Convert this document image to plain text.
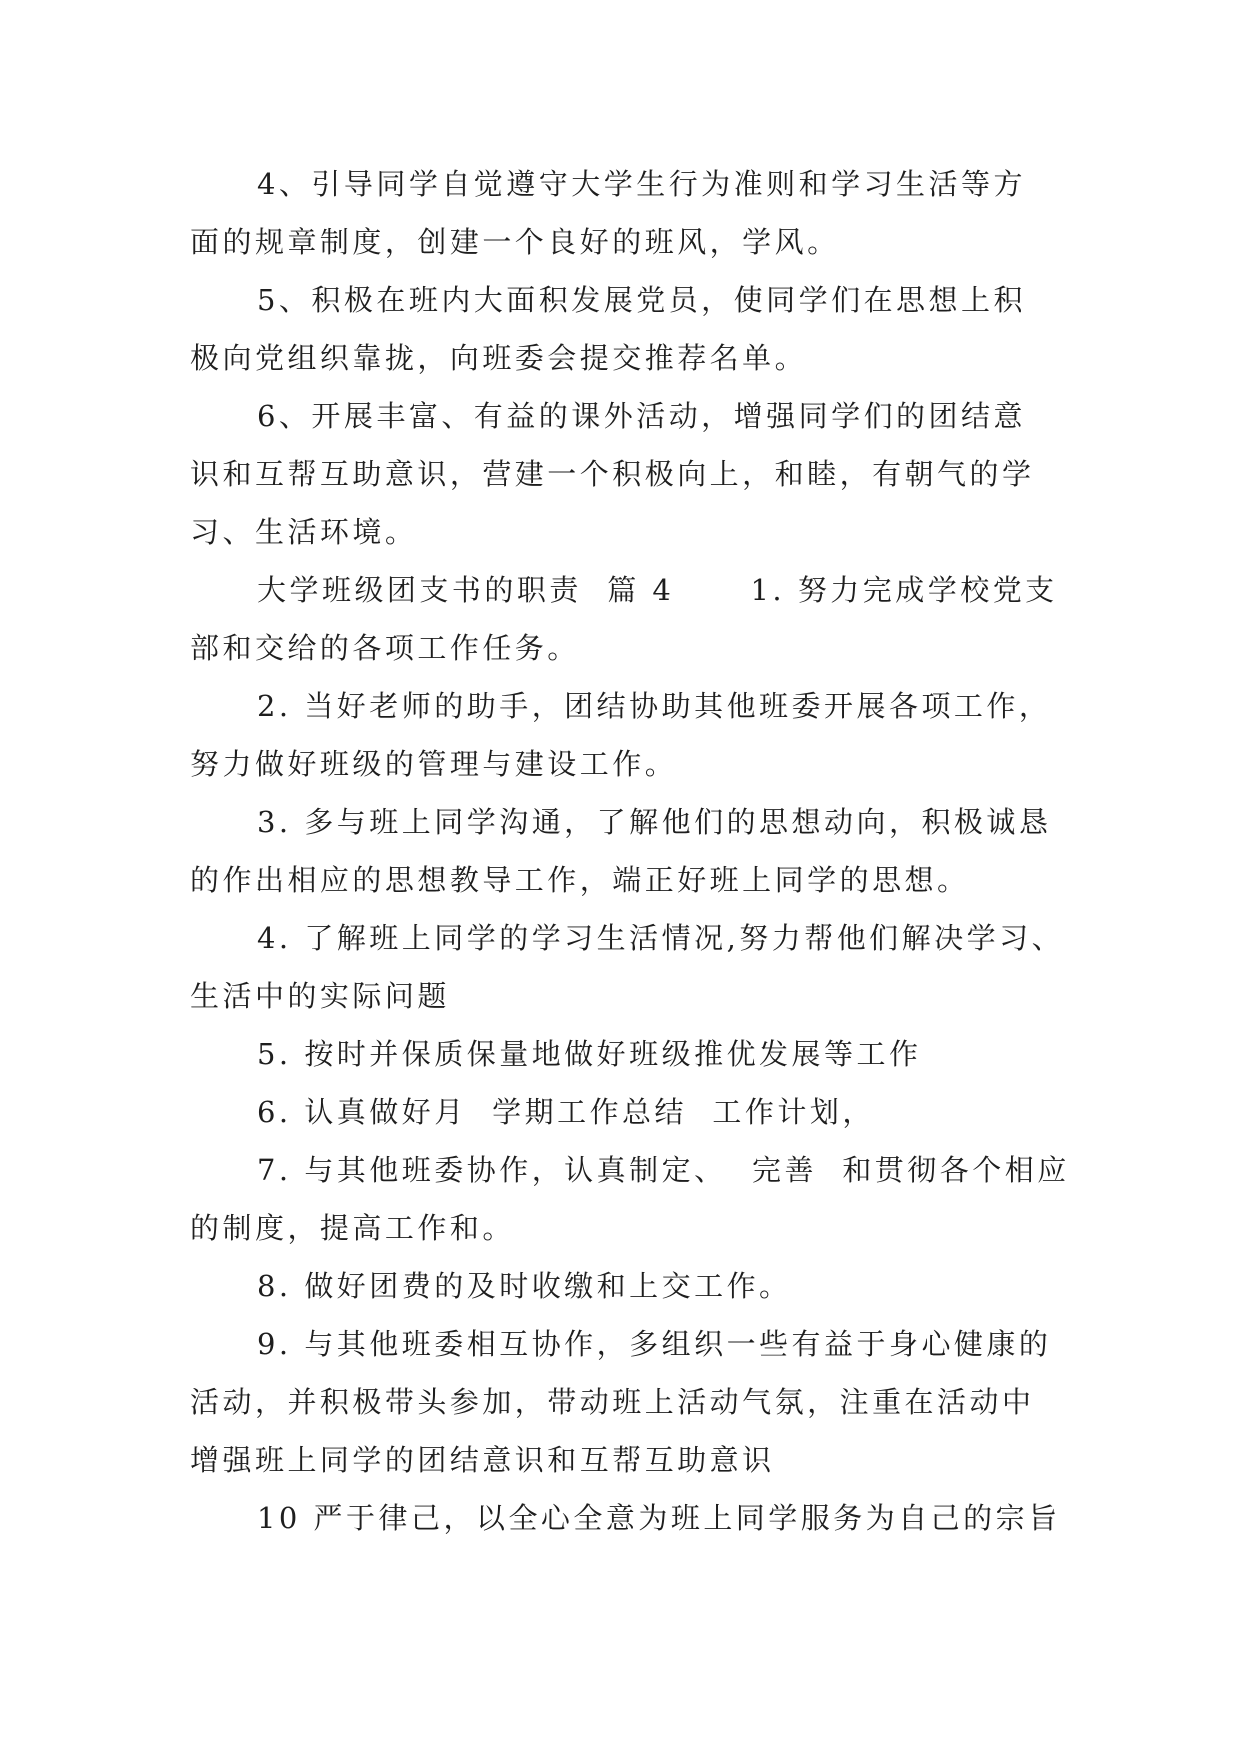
4、引导同学自觉遵守大学生行为准则和学习生活等方
面的规章制度，创建一个良好的班风，学风。
5、积极在班内大面积发展党员，使同学们在思想上积
极向党组织靠拢，向班委会提交推荐名单。
6、开展丰富、有益的课外活动，增强同学们的团结意
识和互帮互助意识，营建一个积极向上，和睦，有朝气的学
习、生活环境。
大学班级团支书的职责  篇 4      1. 努力完成学校党支
部和交给的各项工作任务。
2. 当好老师的助手，团结协助其他班委开展各项工作，
努力做好班级的管理与建设工作。
3. 多与班上同学沟通，了解他们的思想动向，积极诚恳
的作出相应的思想教导工作，端正好班上同学的思想。
4. 了解班上同学的学习生活情况,努力帮他们解决学习、
生活中的实际问题
5. 按时并保质保量地做好班级推优发展等工作
6. 认真做好月  学期工作总结  工作计划，
7. 与其他班委协作，认真制定、  完善  和贯彻各个相应
的制度，提高工作和。
8. 做好团费的及时收缴和上交工作。
9. 与其他班委相互协作，多组织一些有益于身心健康的
活动，并积极带头参加，带动班上活动气氛，注重在活动中
增强班上同学的团结意识和互帮互助意识
10 严于律己，以全心全意为班上同学服务为自己的宗旨
